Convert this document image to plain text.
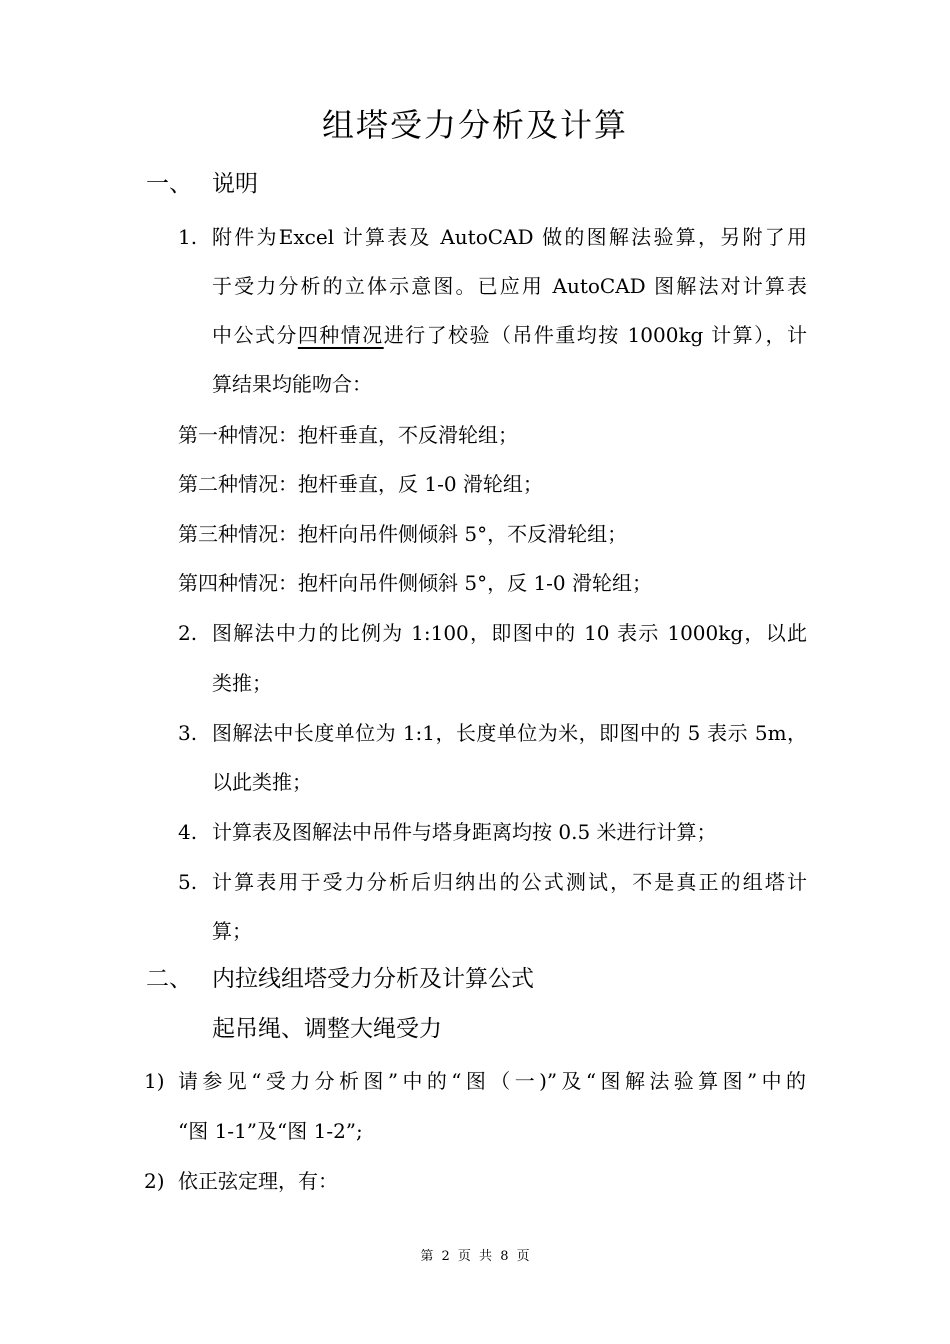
组塔受力分析及计算
一、 说明
1. 附件为Excel 计算表及 AutoCAD 做的图解法验算，另附了用
于受力分析的立体示意图。已应用 AutoCAD 图解法对计算表
中公式分四种情况进行了校验（吊件重均按 1000kg 计算），计
算结果均能吻合：
第一种情况：抱杆垂直，不反滑轮组；
第二种情况：抱杆垂直，反 1-0 滑轮组；
第三种情况：抱杆向吊件侧倾斜 5°，不反滑轮组；
第四种情况：抱杆向吊件侧倾斜 5°，反 1-0 滑轮组；
2. 图解法中力的比例为 1:100，即图中的 10 表示 1000kg，以此
类推；
3. 图解法中长度单位为 1:1，长度单位为米，即图中的 5 表示 5m，
以此类推；
4. 计算表及图解法中吊件与塔身距离均按 0.5 米进行计算；
5. 计算表用于受力分析后归纳出的公式测试，不是真正的组塔计
算；
二、 内拉线组塔受力分析及计算公式
起吊绳、调整大绳受力
1) 请参见“受力分析图”中的“图（一)”及“图解法验算图”中的
“图 1-1”及“图 1-2”;
2) 依正弦定理，有：
第 2 页 共 8 页
